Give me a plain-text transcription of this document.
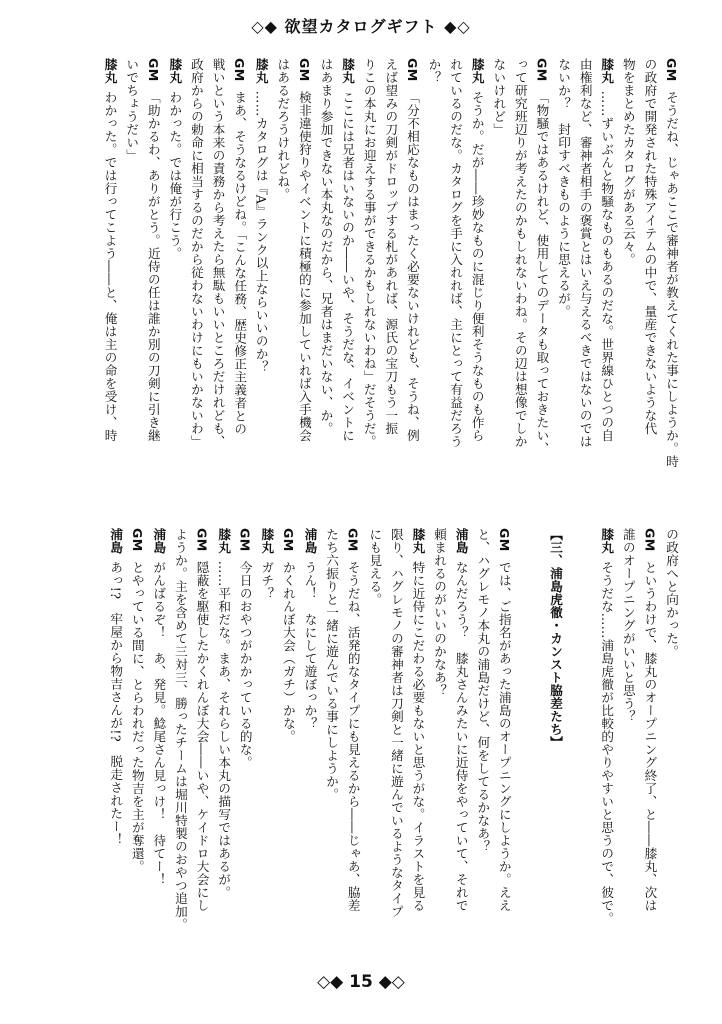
◇◆ 欲望カタログギフト ◆◇
GMそうだね、じゃあここで審神者が教えてくれた事にしようか。時
の政府で開発された特殊アイテムの中で、量産できないような代
物をまとめたカタログがある云々。
膝丸……ずいぶんと物騒なものもあるのだな。世界線ひとつの自
由権利など、審神者相手の褒賞とはいえ与えるべきではないのでは
ないか？　封印すべきものように思えるが。
GM「物騒ではあるけれど、使用してのデータも取っておきたい、
って研究班辺りが考えたのかもしれないわね。その辺は想像でしか
ないけれど」
膝丸そうか。だが――珍妙なものに混じり便利そうなものも作ら
れているのだな。カタログを手に入れれば、主にとって有益だろう
か？
GM「分不相応なものはまったく必要ないけれども、そうね、例
えば望みの刀剣がドロップする札があれば、源氏の宝刀もう一振
りこの本丸にお迎えする事ができるかもしれないわね」だそうだ。
膝丸ここには兄者はいないのか――いや、そうだな、イベントに
はあまり参加できない本丸なのだから、兄者はまだいない、か。
GM検非違使狩りやイベントに積極的に参加していれば入手機会
はあるだろうけれどね。
膝丸……カタログは『A』ランク以上ならいいのか？
GMまあ、そうなるけどね。「こんな任務、歴史修正主義者との
戦いという本来の責務から考えたら無駄もいいところだけれども、
政府からの勅命に相当するのだから従わないわけにもいかないわ」
膝丸わかった。では俺が行こう。
GM「助かるわ、ありがとう。近侍の任は誰か別の刀剣に引き継
いでちょうだい」
膝丸わかった。では行ってこよう――と、俺は主の命を受け、時
の政府へと向かった。
GMというわけで、膝丸のオープニング終了、と――膝丸、次は
誰のオープニングがいいと思う？
膝丸そうだな……浦島虎徹が比較的やりやすいと思うので、彼で。

【三、浦島虎徹・カンスト脇差たち】

GMでは、ご指名があった浦島のオープニングにしようか。ええ
と、ハグレモノ本丸の浦島だけど、何をしてるかなあ？
浦島なんだろう？　膝丸さんみたいに近侍をやっていて、それで
頼まれるのがいいのかなあ？
膝丸特に近侍にこだわる必要もないと思うがな。イラストを見る
限り、ハグレモノの審神者は刀剣と一緒に遊んでいるようなタイプ
にも見える。
GMそうだね、活発的なタイプにも見えるから――じゃあ、脇差
たち六振りと一緒に遊んでいる事にしようか。
浦島うん！　なにして遊ぼっか？
GMかくれんぼ大会（ガチ）かな。
膝丸ガチ？
GM今日のおやつがかかっている的な。
膝丸……平和だな。まあ、それらしい本丸の描写ではあるが。
GM隠蔽を駆使したかくれんぼ大会――いや、ケイドロ大会にし
ようか。主を含めて三対三、勝ったチームは堀川特製のおやつ追加。
浦島がんばるぞ！　あ、発見。鯰尾さん見っけ！　待てー！
GMとやっている間に、とらわれだった物吉を主が奪還。
浦島あっ!?　牢屋から物吉さんが!?　脱走されたー！
◇◆ 15 ◆◇
